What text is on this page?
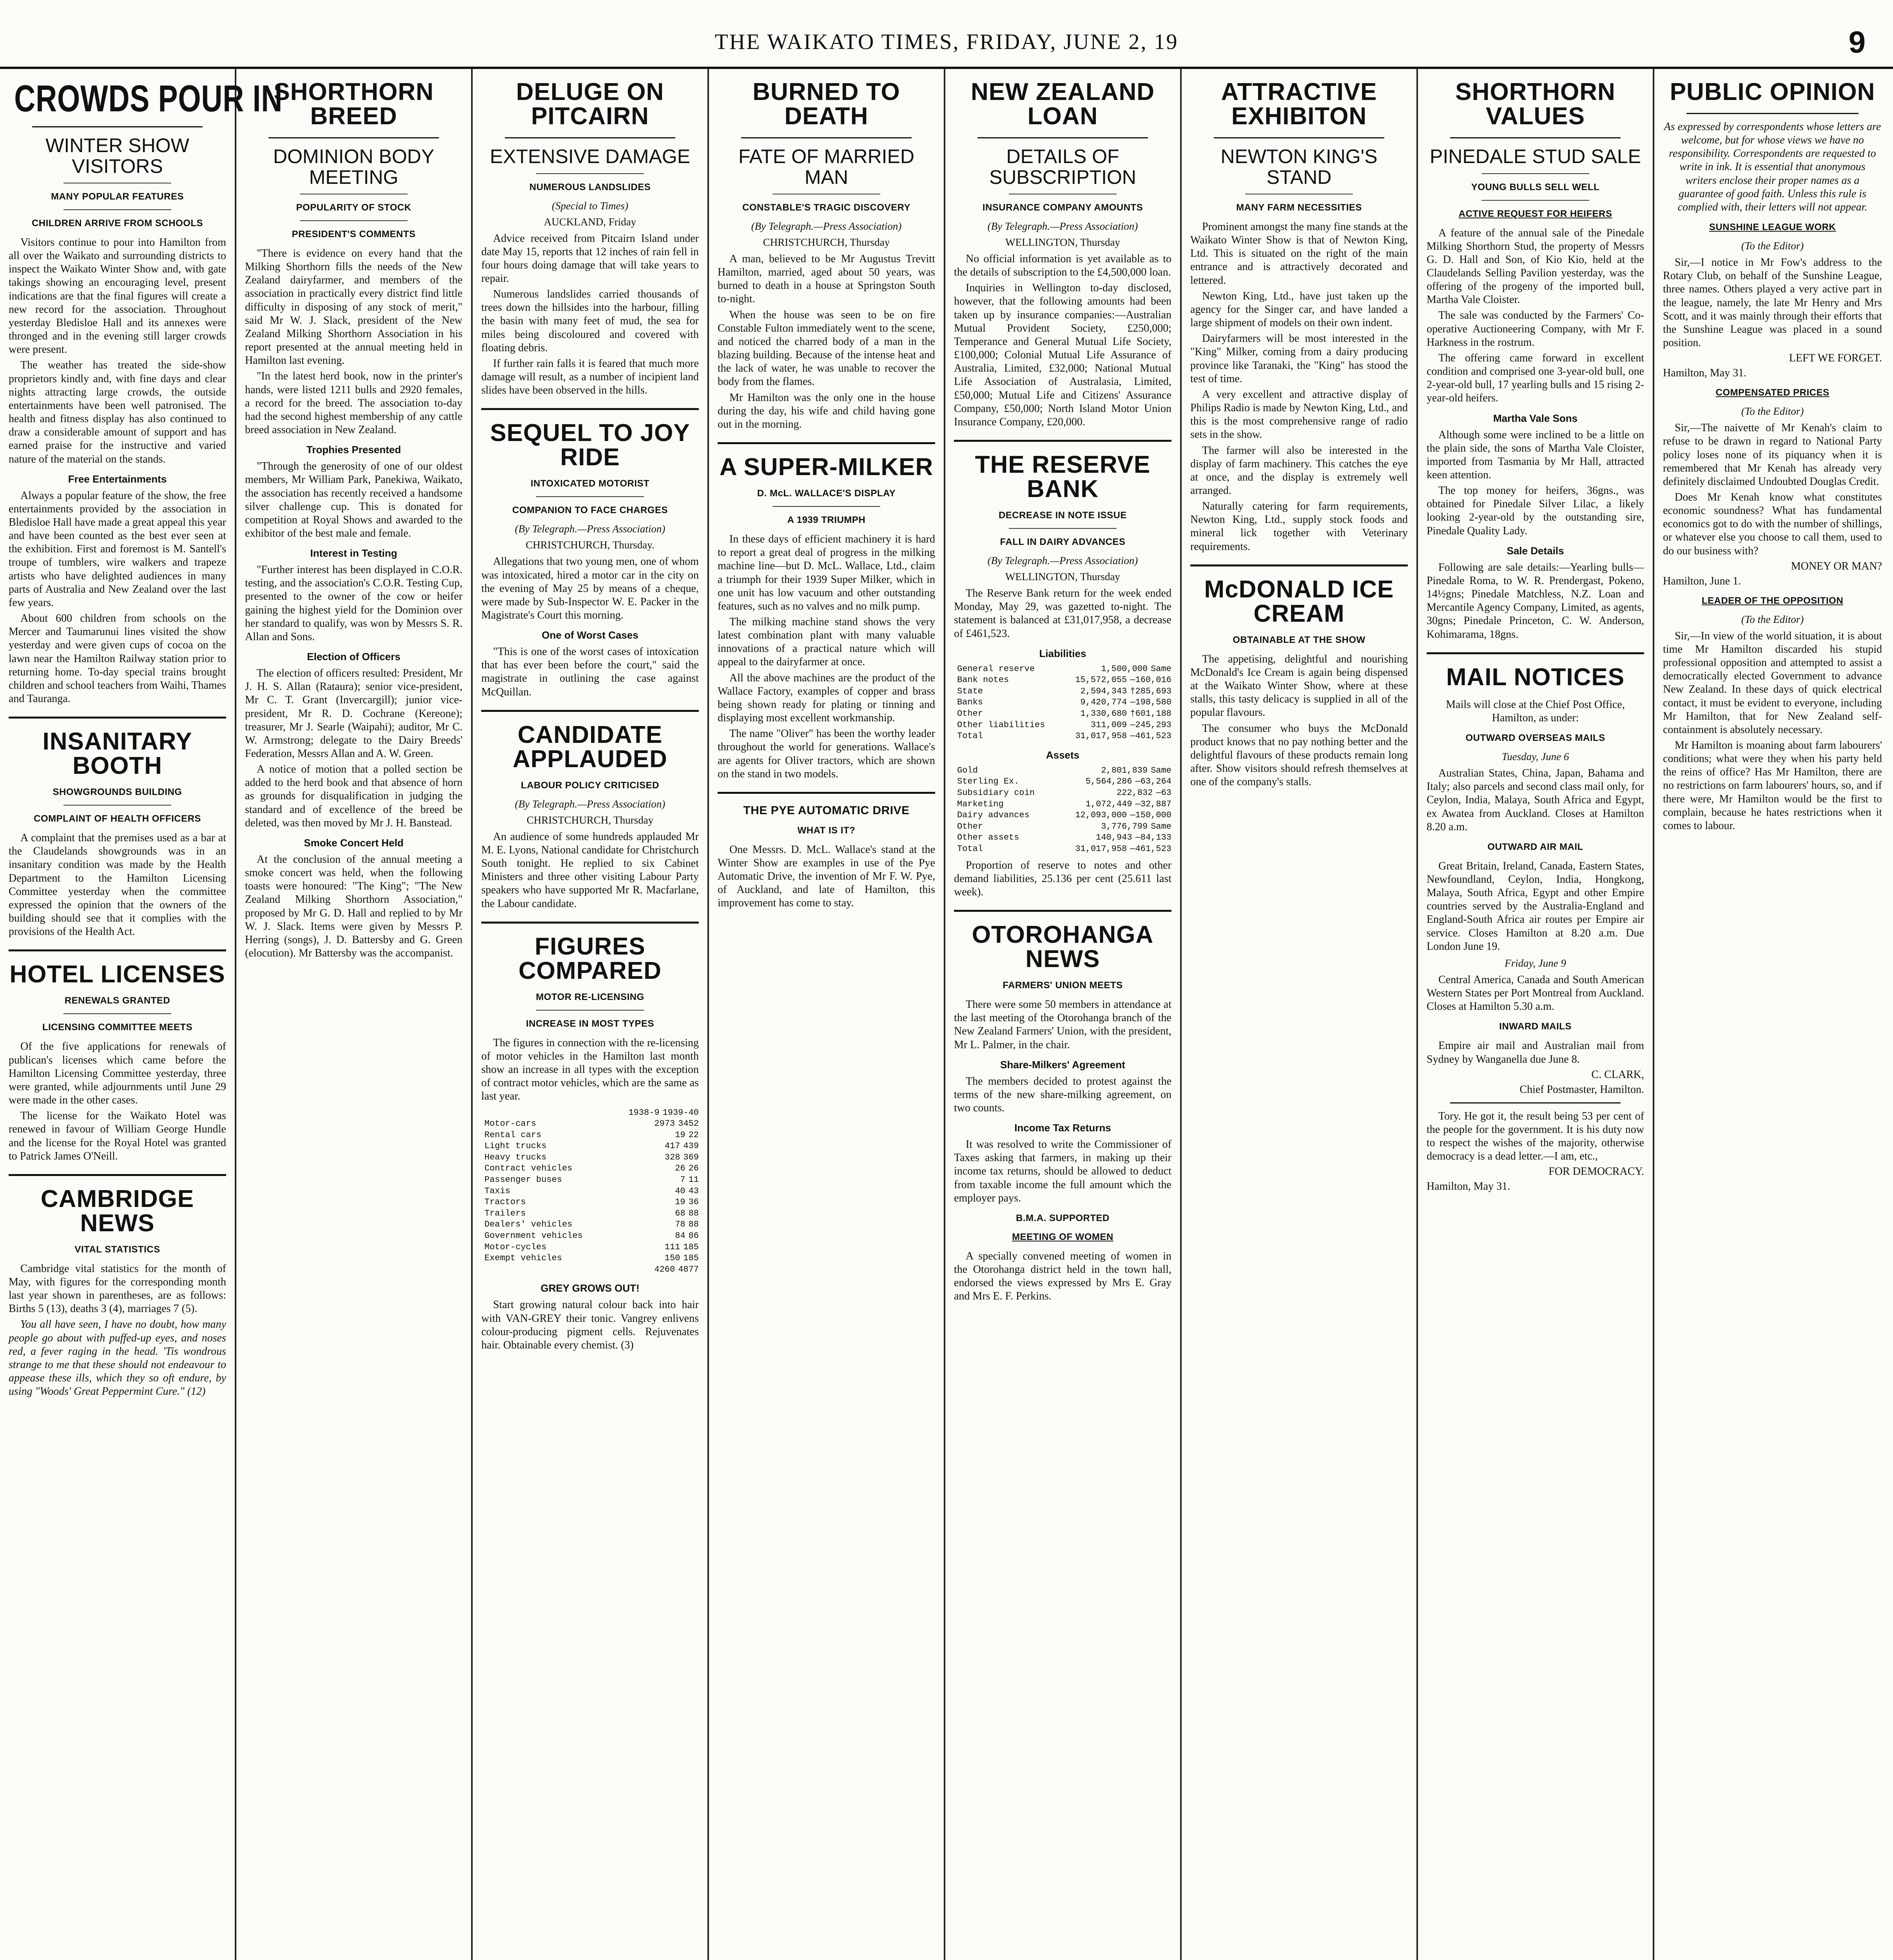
THE WAIKATO TIMES, FRIDAY, JUNE 2, 19	9
CROWDS POUR IN
WINTER SHOW VISITORS
MANY POPULAR FEATURES
CHILDREN ARRIVE FROM SCHOOLS

Visitors continue to pour into Hamilton from all over the Waikato and surrounding districts to inspect the Waikato Winter Show and, with gate takings showing an encouraging level, present indications are that the final figures will create a new record for the association. Throughout yesterday Bledisloe Hall and its annexes were thronged and in the evening still larger crowds were present.

The weather has treated the side-show proprietors kindly and, with fine days and clear nights attracting large crowds, the outside entertainments have been well patronised. The health and fitness display has also continued to draw a considerable amount of support and has earned praise for the instructive and varied nature of the material on the stands.

Free Entertainments

Always a popular feature of the show, the free entertainments provided by the association in Bledisloe Hall have made a great appeal this year and have been counted as the best ever seen at the exhibition. First and foremost is M. Santell's troupe of tumblers, wire walkers and trapeze artists who have delighted audiences in many parts of Australia and New Zealand over the last few years.

About 600 children from schools on the Mercer and Taumarunui lines visited the show yesterday and were given cups of cocoa on the lawn near the Hamilton Railway station prior to returning home. To-day special trains brought children and school teachers from Waihi, Thames and Tauranga.

INSANITARY BOOTH
SHOWGROUNDS BUILDING
COMPLAINT OF HEALTH OFFICERS

A complaint that the premises used as a bar at the Claudelands showgrounds was in an insanitary condition was made by the Health Department to the Hamilton Licensing Committee yesterday when the committee expressed the opinion that the owners of the building should see that it complies with the provisions of the Health Act.

HOTEL LICENSES
RENEWALS GRANTED
LICENSING COMMITTEE MEETS

Of the five applications for renewals of publican's licenses which came before the Hamilton Licensing Committee yesterday, three were granted, while adjournments until June 29 were made in the other cases.

The license for the Waikato Hotel was renewed in favour of William George Hundle and the license for the Royal Hotel was granted to Patrick James O'Neill.

CAMBRIDGE NEWS
VITAL STATISTICS

Cambridge vital statistics for the month of May, with figures for the corresponding month last year shown in parentheses, are as follows: Births 5 (13), deaths 3 (4), marriages 7 (5).

You all have seen, I have no doubt, how many people go about with puffed-up eyes, and noses red, a fever raging in the head. 'Tis wondrous strange to me that these should not endeavour to appease these ills, which they so oft endure, by using "Woods' Great Peppermint Cure." (12)

SHORTHORN BREED
DOMINION BODY MEETING
POPULARITY OF STOCK
PRESIDENT'S COMMENTS

"There is evidence on every hand that the Milking Shorthorn fills the needs of the New Zealand dairyfarmer, and members of the association in practically every district find little difficulty in disposing of any stock of merit," said Mr W. J. Slack, president of the New Zealand Milking Shorthorn Association in his report presented at the annual meeting held in Hamilton last evening.

"In the latest herd book, now in the printer's hands, were listed 1211 bulls and 2920 females, a record for the breed. The association to-day had the second highest membership of any cattle breed association in New Zealand.

Trophies Presented

"Through the generosity of one of our oldest members, Mr William Park, Panekiwa, Waikato, the association has recently received a handsome silver challenge cup. This is donated for competition at Royal Shows and awarded to the exhibitor of the best male and female.

Interest in Testing

"Further interest has been displayed in C.O.R. testing, and the association's C.O.R. Testing Cup, presented to the owner of the cow or heifer gaining the highest yield for the Dominion over her standard to qualify, was won by Messrs S. R. Allan and Sons.

Election of Officers

The election of officers resulted: President, Mr J. H. S. Allan (Rataura); senior vice-president, Mr C. T. Grant (Invercargill); junior vice-president, Mr R. D. Cochrane (Kereone); treasurer, Mr J. Searle (Waipahi); auditor, Mr C. W. Armstrong; delegate to the Dairy Breeds' Federation, Messrs Allan and A. W. Green.

A notice of motion that a polled section be added to the herd book and that absence of horn as grounds for disqualification in judging the standard and of excellence of the breed be deleted, was then moved by Mr J. H. Banstead.

Smoke Concert Held

At the conclusion of the annual meeting a smoke concert was held, when the following toasts were honoured: "The King"; "The New Zealand Milking Shorthorn Association," proposed by Mr G. D. Hall and replied to by Mr W. J. Slack. Items were given by Messrs P. Herring (songs), J. D. Battersby and G. Green (elocution). Mr Battersby was the accompanist.

DELUGE ON PITCAIRN
EXTENSIVE DAMAGE
NUMEROUS LANDSLIDES
(Special to Times)
AUCKLAND, Friday

Advice received from Pitcairn Island under date May 15, reports that 12 inches of rain fell in four hours doing damage that will take years to repair.

Numerous landslides carried thousands of trees down the hillsides into the harbour, filling the basin with many feet of mud, the sea for miles being discoloured and covered with floating debris.

If further rain falls it is feared that much more damage will result, as a number of incipient land slides have been observed in the hills.

SEQUEL TO JOY RIDE
INTOXICATED MOTORIST
COMPANION TO FACE CHARGES
(By Telegraph.—Press Association)
CHRISTCHURCH, Thursday.

Allegations that two young men, one of whom was intoxicated, hired a motor car in the city on the evening of May 25 by means of a cheque, were made by Sub-Inspector W. E. Packer in the Magistrate's Court this morning.

One of Worst Cases

"This is one of the worst cases of intoxication that has ever been before the court," said the magistrate in outlining the case against McQuillan.

CANDIDATE APPLAUDED
LABOUR POLICY CRITICISED
(By Telegraph.—Press Association)
CHRISTCHURCH, Thursday

An audience of some hundreds applauded Mr M. E. Lyons, National candidate for Christchurch South tonight. He replied to six Cabinet Ministers and three other visiting Labour Party speakers who have supported Mr R. Macfarlane, the Labour candidate.

FIGURES COMPARED
MOTOR RE-LICENSING
INCREASE IN MOST TYPES

The figures in connection with the re-licensing of motor vehicles in the Hamilton last month show an increase in all types with the exception of contract motor vehicles, which are the same as last year.

1938-9 1939-40
Motor-cars	2973 3452
Rental cars	19 22
Light trucks	417 439
Heavy trucks	328 369
Contract vehicles	26 26
Passenger buses	7 11
Taxis	40 43
Tractors	19 36
Trailers	68 88
Dealers' vehicles	78 88
Government vehicles	84 86
Motor-cycles	111 185
Exempt vehicles	150 185
4260 4877
GREY GROWS OUT!

Start growing natural colour back into hair with VAN-GREY their tonic. Vangrey enlivens colour-producing pigment cells. Rejuvenates hair. Obtainable every chemist. (3)

BURNED TO DEATH
FATE OF MARRIED MAN
CONSTABLE'S TRAGIC DISCOVERY
(By Telegraph.—Press Association)
CHRISTCHURCH, Thursday

A man, believed to be Mr Augustus Trevitt Hamilton, married, aged about 50 years, was burned to death in a house at Springston South to-night.

When the house was seen to be on fire Constable Fulton immediately went to the scene, and noticed the charred body of a man in the blazing building. Because of the intense heat and the lack of water, he was unable to recover the body from the flames.

Mr Hamilton was the only one in the house during the day, his wife and child having gone out in the morning.

A SUPER-MILKER
D. McL. WALLACE'S DISPLAY
A 1939 TRIUMPH

In these days of efficient machinery it is hard to report a great deal of progress in the milking machine line—but D. McL. Wallace, Ltd., claim a triumph for their 1939 Super Milker, which in one unit has low vacuum and other outstanding features, such as no valves and no milk pump.

The milking machine stand shows the very latest combination plant with many valuable innovations of a practical nature which will appeal to the dairyfarmer at once.

All the above machines are the product of the Wallace Factory, examples of copper and brass being shown ready for plating or tinning and displaying most excellent workmanship.

The name "Oliver" has been the worthy leader throughout the world for generations. Wallace's are agents for Oliver tractors, which are shown on the stand in two models.

THE PYE AUTOMATIC DRIVE
WHAT IS IT?

One Messrs. D. McL. Wallace's stand at the Winter Show are examples in use of the Pye Automatic Drive, the invention of Mr F. W. Pye, of Auckland, and late of Hamilton, this improvement has come to stay.

NEW ZEALAND LOAN
DETAILS OF SUBSCRIPTION
INSURANCE COMPANY AMOUNTS
(By Telegraph.—Press Association)
WELLINGTON, Thursday

No official information is yet available as to the details of subscription to the £4,500,000 loan.

Inquiries in Wellington to-day disclosed, however, that the following amounts had been taken up by insurance companies:—Australian Mutual Provident Society, £250,000; Temperance and General Mutual Life Society, £100,000; Colonial Mutual Life Assurance of Australia, Limited, £32,000; National Mutual Life Association of Australasia, Limited, £50,000; Mutual Life and Citizens' Assurance Company, £50,000; North Island Motor Union Insurance Company, £20,000.

THE RESERVE BANK
DECREASE IN NOTE ISSUE
FALL IN DAIRY ADVANCES
(By Telegraph.—Press Association)
WELLINGTON, Thursday

The Reserve Bank return for the week ended Monday, May 29, was gazetted to-night. The statement is balanced at £31,017,958, a decrease of £461,523.

Liabilities
General reserve	1,500,000 Same
Bank notes	15,572,055 —160,016
State	2,594,343 †285,693
Banks	9,420,774 —198,580
Other	1,330,680 †601,188
Other liabilities	311,009 —245,293
Total	31,017,958 —461,523
Assets
Gold	2,801,839 Same
Sterling Ex.	5,564,286 —63,264
Subsidiary coin	222,832 —63
Marketing	1,072,449 —32,887
Dairy advances	12,093,000 —150,000
Other	3,776,799 Same
Other assets	140,943 —84,133
Total	31,017,958 —461,523

Proportion of reserve to notes and other demand liabilities, 25.136 per cent (25.611 last week).

OTOROHANGA NEWS
FARMERS' UNION MEETS

There were some 50 members in attendance at the last meeting of the Otorohanga branch of the New Zealand Farmers' Union, with the president, Mr L. Palmer, in the chair.

Share-Milkers' Agreement

The members decided to protest against the terms of the new share-milking agreement, on two counts.

Income Tax Returns

It was resolved to write the Commissioner of Taxes asking that farmers, in making up their income tax returns, should be allowed to deduct from taxable income the full amount which the employer pays.

B.M.A. SUPPORTED
MEETING OF WOMEN

A specially convened meeting of women in the Otorohanga district held in the town hall, endorsed the views expressed by Mrs E. Gray and Mrs E. F. Perkins.

ATTRACTIVE EXHIBITON
NEWTON KING'S STAND
MANY FARM NECESSITIES

Prominent amongst the many fine stands at the Waikato Winter Show is that of Newton King, Ltd. This is situated on the right of the main entrance and is attractively decorated and lettered.

Newton King, Ltd., have just taken up the agency for the Singer car, and have landed a large shipment of models on their own indent.

Dairyfarmers will be most interested in the "King" Milker, coming from a dairy producing province like Taranaki, the "King" has stood the test of time.

A very excellent and attractive display of Philips Radio is made by Newton King, Ltd., and this is the most comprehensive range of radio sets in the show.

The farmer will also be interested in the display of farm machinery. This catches the eye at once, and the display is extremely well arranged.

Naturally catering for farm requirements, Newton King, Ltd., supply stock foods and mineral lick together with Veterinary requirements.

McDONALD ICE CREAM
OBTAINABLE AT THE SHOW

The appetising, delightful and nourishing McDonald's Ice Cream is again being dispensed at the Waikato Winter Show, where at these stalls, this tasty delicacy is supplied in all of the popular flavours.

The consumer who buys the McDonald product knows that no pay nothing better and the delightful flavours of these products remain long after. Show visitors should refresh themselves at one of the company's stalls.

SHORTHORN VALUES
PINEDALE STUD SALE
YOUNG BULLS SELL WELL
ACTIVE REQUEST FOR HEIFERS

A feature of the annual sale of the Pinedale Milking Shorthorn Stud, the property of Messrs G. D. Hall and Son, of Kio Kio, held at the Claudelands Selling Pavilion yesterday, was the offering of the progeny of the imported bull, Martha Vale Cloister.

The sale was conducted by the Farmers' Co-operative Auctioneering Company, with Mr F. Harkness in the rostrum.

The offering came forward in excellent condition and comprised one 3-year-old bull, one 2-year-old bull, 17 yearling bulls and 15 rising 2-year-old heifers.

Martha Vale Sons

Although some were inclined to be a little on the plain side, the sons of Martha Vale Cloister, imported from Tasmania by Mr Hall, attracted keen attention.

The top money for heifers, 36gns., was obtained for Pinedale Silver Lilac, a likely looking 2-year-old by the outstanding sire, Pinedale Quality Lady.

Sale Details

Following are sale details:—Yearling bulls—Pinedale Roma, to W. R. Prendergast, Pokeno, 14½gns; Pinedale Matchless, N.Z. Loan and Mercantile Agency Company, Limited, as agents, 30gns; Pinedale Princeton, C. W. Anderson, Kohimarama, 18gns.

MAIL NOTICES

Mails will close at the Chief Post Office, Hamilton, as under:

OUTWARD OVERSEAS MAILS
Tuesday, June 6

Australian States, China, Japan, Bahama and Italy; also parcels and second class mail only, for Ceylon, India, Malaya, South Africa and Egypt, ex Awatea from Auckland. Closes at Hamilton 8.20 a.m.

OUTWARD AIR MAIL

Great Britain, Ireland, Canada, Eastern States, Newfoundland, Ceylon, India, Hongkong, Malaya, South Africa, Egypt and other Empire countries served by the Australia-England and England-South Africa air routes per Empire air service. Closes Hamilton at 8.20 a.m. Due London June 19.

Friday, June 9

Central America, Canada and South American Western States per Port Montreal from Auckland. Closes at Hamilton 5.30 a.m.

INWARD MAILS

Empire air mail and Australian mail from Sydney by Wanganella due June 8.

C. CLARK,
Chief Postmaster, Hamilton.

Tory. He got it, the result being 53 per cent of the people for the government. It is his duty now to respect the wishes of the majority, otherwise democracy is a dead letter.—I am, etc.,

FOR DEMOCRACY.
Hamilton, May 31.
PUBLIC OPINION

As expressed by correspondents whose letters are welcome, but for whose views we have no responsibility. Correspondents are requested to write in ink. It is essential that anonymous writers enclose their proper names as a guarantee of good faith. Unless this rule is complied with, their letters will not appear.

SUNSHINE LEAGUE WORK
(To the Editor)

Sir,—I notice in Mr Fow's address to the Rotary Club, on behalf of the Sunshine League, three names. Others played a very active part in the league, namely, the late Mr Henry and Mrs Scott, and it was mainly through their efforts that the Sunshine League was placed in a sound position.

LEFT WE FORGET.
Hamilton, May 31.
COMPENSATED PRICES
(To the Editor)

Sir,—The naivette of Mr Kenah's claim to refuse to be drawn in regard to National Party policy loses none of its piquancy when it is remembered that Mr Kenah has already very definitely disclaimed Undoubted Douglas Credit.

Does Mr Kenah know what constitutes economic soundness? What has fundamental economics got to do with the number of shillings, or whatever else you choose to call them, used to do our business with?

MONEY OR MAN?
Hamilton, June 1.
LEADER OF THE OPPOSITION
(To the Editor)

Sir,—In view of the world situation, it is about time Mr Hamilton discarded his stupid professional opposition and attempted to assist a democratically elected Government to advance New Zealand. In these days of quick electrical contact, it must be evident to everyone, including Mr Hamilton, that for New Zealand self-containment is absolutely necessary.

Mr Hamilton is moaning about farm labourers' conditions; what were they when his party held the reins of office? Has Mr Hamilton, there are no restrictions on farm labourers' hours, so, and if there were, Mr Hamilton would be the first to complain, because he hates restrictions when it comes to labour.
